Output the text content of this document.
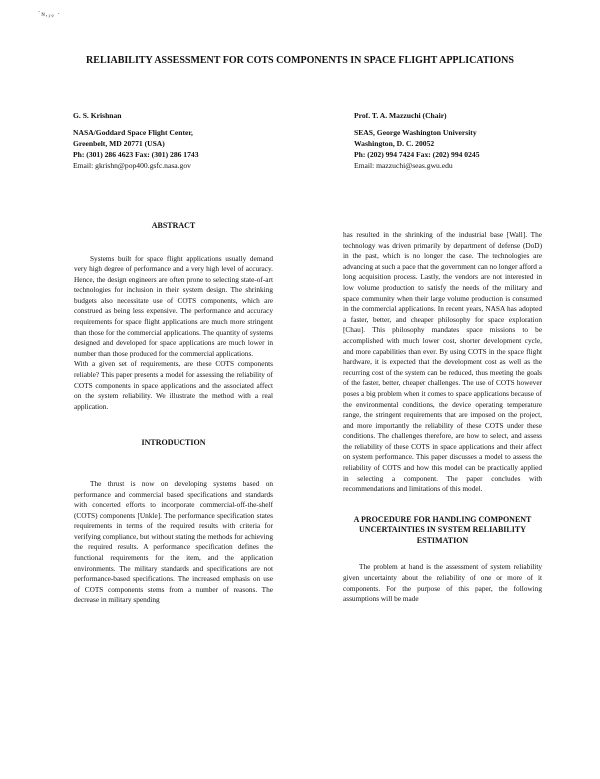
`ɴ,ᵪᵩ ·
RELIABILITY ASSESSMENT FOR COTS COMPONENTS IN SPACE FLIGHT APPLICATIONS
G. S. Krishnan
NASA/Goddard Space Flight Center,
Greenbelt, MD 20771 (USA)
Ph: (301) 286 4623 Fax: (301) 286 1743
Email: gkrishn@pop400.gsfc.nasa.gov
Prof. T. A. Mazzuchi (Chair)
SEAS, George Washington University
Washington, D. C. 20052
Ph: (202) 994 7424 Fax: (202) 994 0245
Email: mazzuchi@seas.gwu.edu
ABSTRACT

Systems built for space flight applications usually demand very high degree of performance and a very high level of accuracy. Hence, the design engineers are often prone to selecting state-of-art technologies for inclusion in their system design. The shrinking budgets also necessitate use of COTS components, which are construed as being less expensive. The performance and accuracy requirements for space flight applications are much more stringent than those for the commercial applications. The quantity of systems designed and developed for space applications are much lower in number than those produced for the commercial applications.

With a given set of requirements, are these COTS components reliable? This paper presents a model for assessing the reliability of COTS components in space applications and the associated affect on the system reliability. We illustrate the method with a real application.

INTRODUCTION

The thrust is now on developing systems based on performance and commercial based specifications and standards with concerted efforts to incorporate commercial-off-the-shelf (COTS) components [Unkle]. The performance specification states requirements in terms of the required results with criteria for verifying compliance, but without stating the methods for achieving the required results. A performance specification defines the functional requirements for the item, and the application environments. The military standards and specifications are not performance-based specifications. The increased emphasis on use of COTS components stems from a number of reasons. The decrease in military spending

has resulted in the shrinking of the industrial base [Wall]. The technology was driven primarily by department of defense (DoD) in the past, which is no longer the case. The technologies are advancing at such a pace that the government can no longer afford a long acquisition process. Lastly, the vendors are not interested in low volume production to satisfy the needs of the military and space community when their large volume production is consumed in the commercial applications. In recent years, NASA has adopted a faster, better, and cheaper philosophy for space exploration [Chau]. This philosophy mandates space missions to be accomplished with much lower cost, shorter development cycle, and more capabilities than ever. By using COTS in the space flight hardware, it is expected that the development cost as well as the recurring cost of the system can be reduced, thus meeting the goals of the faster, better, cheaper challenges. The use of COTS however poses a big problem when it comes to space applications because of the environmental conditions, the device operating temperature range, the stringent requirements that are imposed on the project, and more importantly the reliability of these COTS under these conditions. The challenges therefore, are how to select, and assess the reliability of these COTS in space applications and their affect on system performance. This paper discusses a model to assess the reliability of COTS and how this model can be practically applied in selecting a component. The paper concludes with recommendations and limitations of this model.

A PROCEDURE FOR HANDLING COMPONENT UNCERTAINTIES IN SYSTEM RELIABILITY ESTIMATION

The problem at hand is the assessment of system reliability given uncertainty about the reliability of one or more of it components. For the purpose of this paper, the following assumptions will be made
